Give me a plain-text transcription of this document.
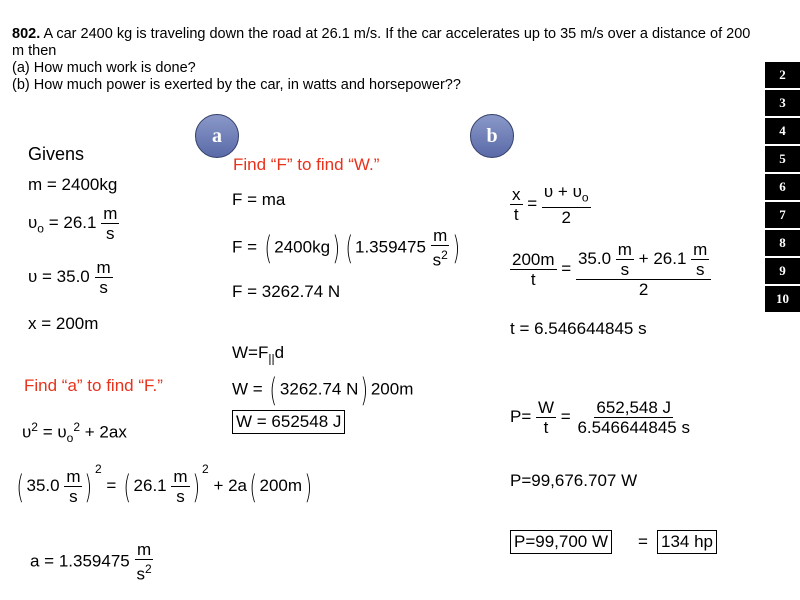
802. A car 2400 kg is traveling down the road at 26.1 m/s. If the car accelerates up to 35 m/s over a distance of 200 m then
(a) How much work is done?
(b) How much power is exerted by the car, in watts and horsepower??
2
3
4
5
6
7
8
9
10
a	b
Givens
m = 2400kg
$\upsilon_o = 26.1 \frac{m}{s}$
$\upsilon = 35.0 \frac{m}{s}$
x = 200m
Find “a” to find “F.”
$\upsilon^2 = \upsilon_o^2 + 2ax$
( $35.0 \frac{m}{s}$ ) $^2$ = ( $26.1 \frac{m}{s}$ ) $^2$ + 2a( 200m)
$a = 1.359475 \frac{m}{s^2}$
Find “F” to find “W.”
F = ma
F = ( 2400kg) ( $1.359475 \frac{m}{s^2}$ )
F = 3262.74 N
$W=F_{||}d$
W = ( 3262.74 N) 200m
W = 652548 J
$\frac{x}{t} = \frac{\upsilon + \upsilon_o}{2}$
$\frac{200m}{t} = \frac{35.0 \frac{m}{s} + 26.1 \frac{m}{s}}{2}$
t = 6.546644845 s
$P= \frac{W}{t} = \frac{652,548 J}{6.546644845 s}$
P=99,676.707 W
P=99,700 W = 134 hp
